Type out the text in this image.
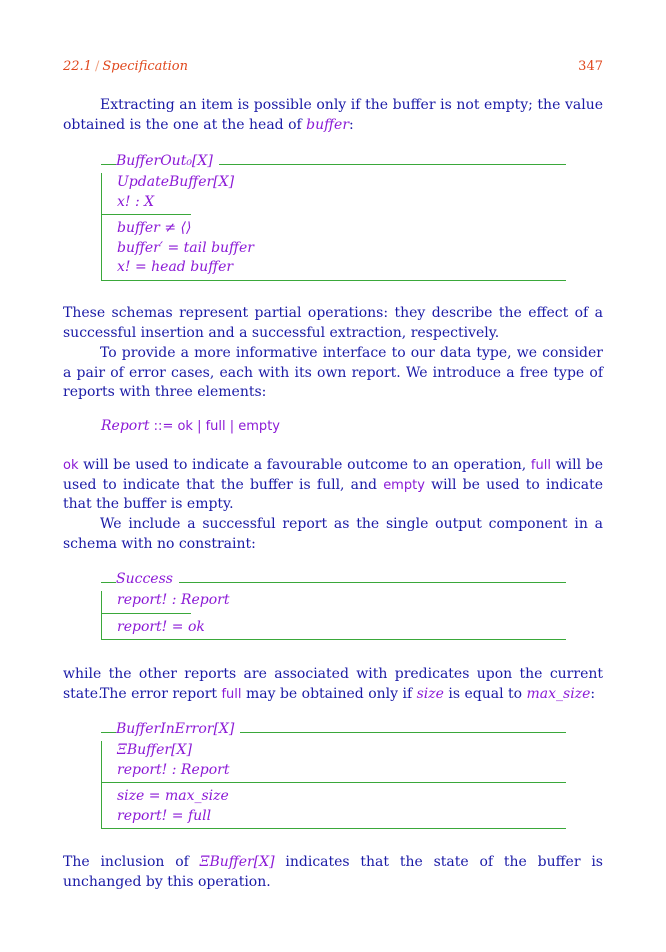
22.1 / Specification	347
Extracting an item is possible only if the buffer is not empty; the value obtained is the one at the head of buffer:
BufferOut₀[X]
UpdateBuffer[X]
x! : X
buffer ≠ ⟨⟩
buffer′ = tail buffer
x! = head buffer
These schemas represent partial operations: they describe the effect of a successful insertion and a successful extraction, respectively.
To provide a more informative interface to our data type, we consider a pair of error cases, each with its own report. We introduce a free type of reports with three elements:
Report ::= ok | full | empty
ok will be used to indicate a favourable outcome to an operation, full will be used to indicate that the buffer is full, and empty will be used to indicate that the buffer is empty.
We include a successful report as the single output component in a schema with no constraint:
Success
report! : Report
report! = ok
while the other reports are associated with predicates upon the current state.
The error report full may be obtained only if size is equal to max_size:
BufferInError[X]
ΞBuffer[X]
report! : Report
size = max_size
report! = full
The inclusion of ΞBuffer[X] indicates that the state of the buffer is unchanged by this operation.
